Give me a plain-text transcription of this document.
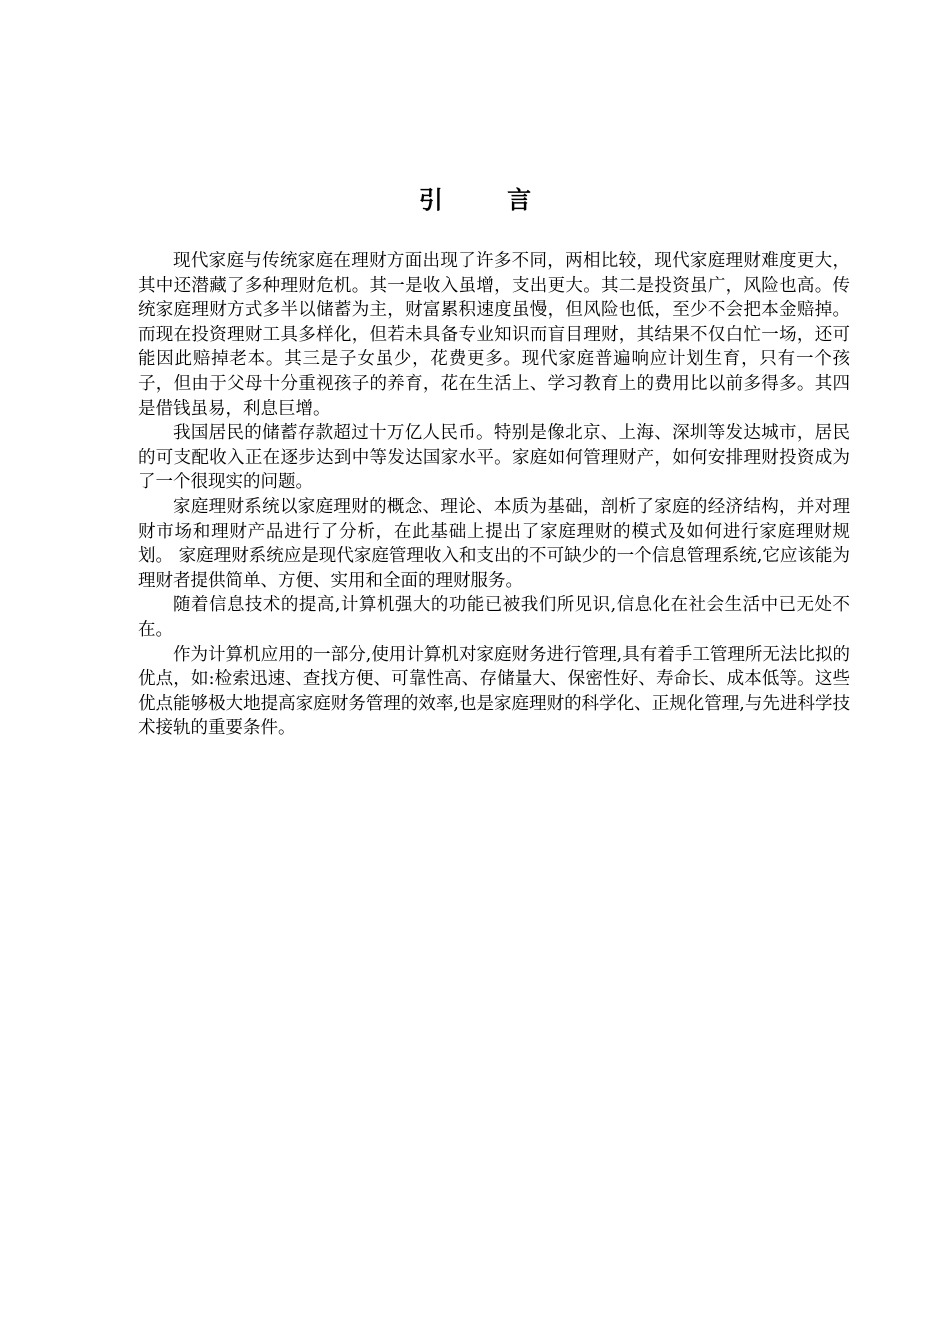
引 言

现代家庭与传统家庭在理财方面出现了许多不同，两相比较，现代家庭理财难度更大，其中还潜藏了多种理财危机。其一是收入虽增，支出更大。其二是投资虽广，风险也高。传统家庭理财方式多半以储蓄为主，财富累积速度虽慢，但风险也低，至少不会把本金赔掉。而现在投资理财工具多样化，但若未具备专业知识而盲目理财，其结果不仅白忙一场，还可能因此赔掉老本。其三是子女虽少，花费更多。现代家庭普遍响应计划生育，只有一个孩子，但由于父母十分重视孩子的养育，花在生活上、学习教育上的费用比以前多得多。其四是借钱虽易，利息巨增。

我国居民的储蓄存款超过十万亿人民币。特别是像北京、上海、深圳等发达城市，居民的可支配收入正在逐步达到中等发达国家水平。家庭如何管理财产，如何安排理财投资成为了一个很现实的问题。

家庭理财系统以家庭理财的概念、理论、本质为基础，剖析了家庭的经济结构，并对理财市场和理财产品进行了分析，在此基础上提出了家庭理财的模式及如何进行家庭理财规划。 家庭理财系统应是现代家庭管理收入和支出的不可缺少的一个信息管理系统,它应该能为理财者提供简单、方便、实用和全面的理财服务。

随着信息技术的提高,计算机强大的功能已被我们所见识,信息化在社会生活中已无处不在。

作为计算机应用的一部分,使用计算机对家庭财务进行管理,具有着手工管理所无法比拟的优点，如:检索迅速、查找方便、可靠性高、存储量大、保密性好、寿命长、成本低等。这些优点能够极大地提高家庭财务管理的效率,也是家庭理财的科学化、正规化管理,与先进科学技术接轨的重要条件。
